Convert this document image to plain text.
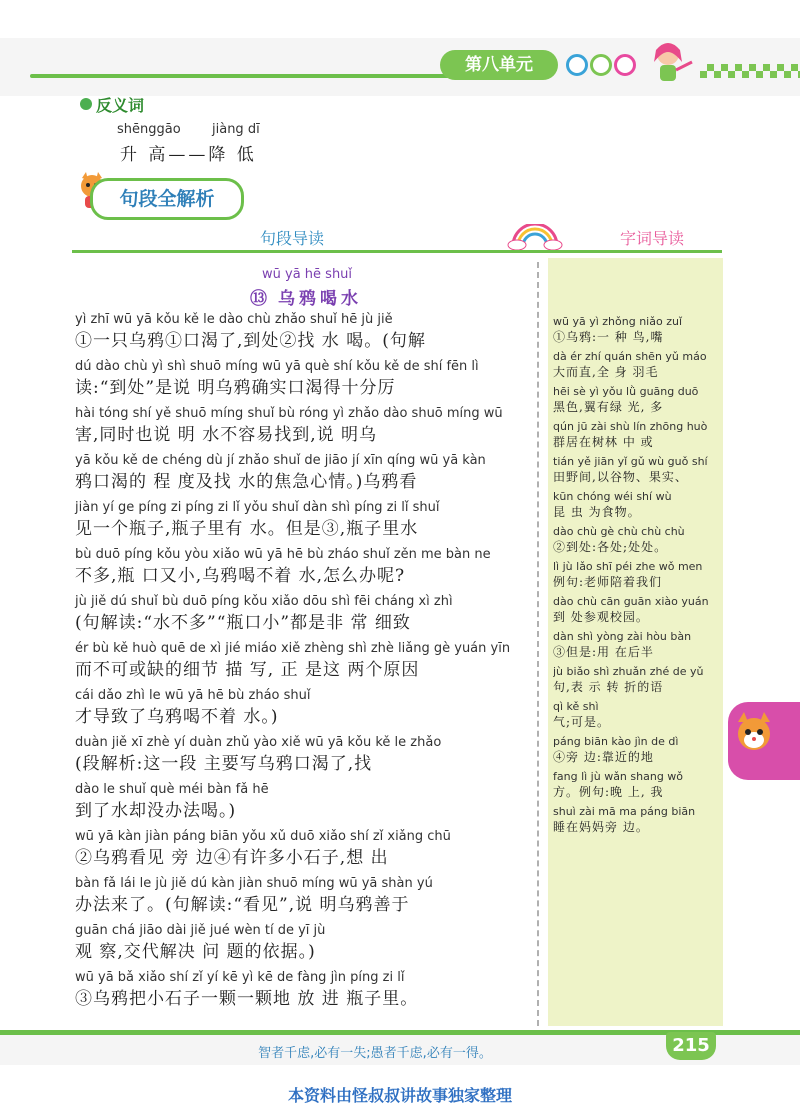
第八单元
反义词
shēnggāo jiàng dī
升 高——降 低
句段全解析
句段导读	字词导读
wū yā hē shuǐ
⑬ 乌鸦喝水
yì zhī wū yā kǒu kě le dào chù zhǎo shuǐ hē jù jiě
①一只乌鸦①口渴了,到处②找 水 喝。(句解
dú dào chù yì shì shuō míng wū yā què shí kǒu kě de shí fēn lì
读:“到处”是说 明乌鸦确实口渴得十分厉
hài tóng shí yě shuō míng shuǐ bù róng yì zhǎo dào shuō míng wū
害,同时也说 明 水不容易找到,说 明乌
yā kǒu kě de chéng dù jí zhǎo shuǐ de jiāo jí xīn qíng wū yā kàn
鸦口渴的 程 度及找 水的焦急心情。)乌鸦看
jiàn yí ge píng zi píng zi lǐ yǒu shuǐ dàn shì píng zi lǐ shuǐ
见一个瓶子,瓶子里有 水。但是③,瓶子里水
bù duō píng kǒu yòu xiǎo wū yā hē bù zháo shuǐ zěn me bàn ne
不多,瓶 口又小,乌鸦喝不着 水,怎么办呢?
jù jiě dú shuǐ bù duō píng kǒu xiǎo dōu shì fēi cháng xì zhì
(句解读:“水不多”“瓶口小”都是非 常 细致
ér bù kě huò quē de xì jié miáo xiě zhèng shì zhè liǎng gè yuán yīn
而不可或缺的细节 描 写, 正 是这 两个原因
cái dǎo zhì le wū yā hē bù zháo shuǐ
才导致了乌鸦喝不着 水。)
duàn jiě xī zhè yí duàn zhǔ yào xiě wū yā kǒu kě le zhǎo
(段解析:这一段 主要写乌鸦口渴了,找
dào le shuǐ què méi bàn fǎ hē
到了水却没办法喝。)
wū yā kàn jiàn páng biān yǒu xǔ duō xiǎo shí zǐ xiǎng chū
②乌鸦看见 旁 边④有许多小石子,想 出
bàn fǎ lái le jù jiě dú kàn jiàn shuō míng wū yā shàn yú
办法来了。(句解读:“看见”,说 明乌鸦善于
guān chá jiāo dài jiě jué wèn tí de yī jù
观 察,交代解决 问 题的依据。)
wū yā bǎ xiǎo shí zǐ yí kē yì kē de fàng jìn píng zi lǐ
③乌鸦把小石子一颗一颗地 放 进 瓶子里。
wū yā yì zhǒng niǎo zuǐ
①乌鸦:一 种 鸟,嘴
dà ér zhí quán shēn yǔ máo
大而直,全 身 羽毛
hēi sè yì yǒu lǜ guāng duō
黑色,翼有绿 光, 多
qún jū zài shù lín zhōng huò
群居在树林 中 或
tián yě jiān yǐ gǔ wù guǒ shí
田野间,以谷物、果实、
kūn chóng wéi shí wù
昆 虫 为食物。
dào chù gè chù chù chù
②到处:各处;处处。
lì jù lǎo shī péi zhe wǒ men
例句:老师陪着我们
dào chù cān guān xiào yuán
到 处参观校园。
dàn shì yòng zài hòu bàn
③但是:用 在后半
jù biǎo shì zhuǎn zhé de yǔ
句,表 示 转 折的语
qì kě shì
气;可是。
páng biān kào jìn de dì
④旁 边:靠近的地
fang lì jù wǎn shang wǒ
方。例句:晚 上, 我
shuì zài mā ma páng biān
睡在妈妈旁 边。
智者千虑,必有一失;愚者千虑,必有一得。	215
本资料由怪叔叔讲故事独家整理
